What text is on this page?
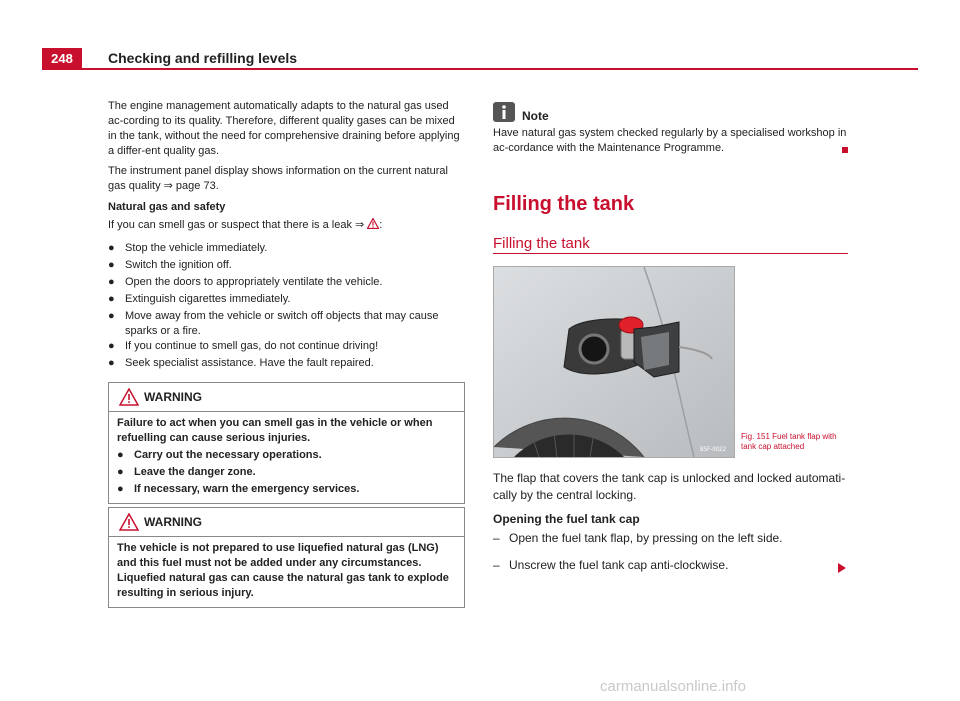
248	Checking and refilling levels

The engine management automatically adapts to the natural gas used ac-cording to its quality. Therefore, different quality gases can be mixed in the tank, without the need for comprehensive draining before applying a differ-ent quality gas.

The instrument panel display shows information on the current natural gas quality ⇒ page 73.

Natural gas and safety

If you can smell gas or suspect that there is a leak ⇒ :

● Stop the vehicle immediately.
● Switch the ignition off.
● Open the doors to appropriately ventilate the vehicle.
● Extinguish cigarettes immediately.
● Move away from the vehicle or switch off objects that may cause sparks or a fire.
● If you continue to smell gas, do not continue driving!
● Seek specialist assistance. Have the fault repaired.
WARNING
Failure to act when you can smell gas in the vehicle or when refuelling can cause serious injuries.
● Carry out the necessary operations.
● Leave the danger zone.
● If necessary, warn the emergency services.
WARNING
The vehicle is not prepared to use liquefied natural gas (LNG) and this fuel must not be added under any circumstances. Liquefied natural gas can cause the natural gas tank to explode resulting in serious injury.
Note
Have natural gas system checked regularly by a specialised workshop in ac-cordance with the Maintenance Programme.
Filling the tank
Filling the tank
B5F-0022
Fig. 151 Fuel tank flap with tank cap attached
The flap that covers the tank cap is unlocked and locked automati-cally by the central locking.
Opening the fuel tank cap
– Open the fuel tank flap, by pressing on the left side.
– Unscrew the fuel tank cap anti-clockwise.
carmanualsonline.info
